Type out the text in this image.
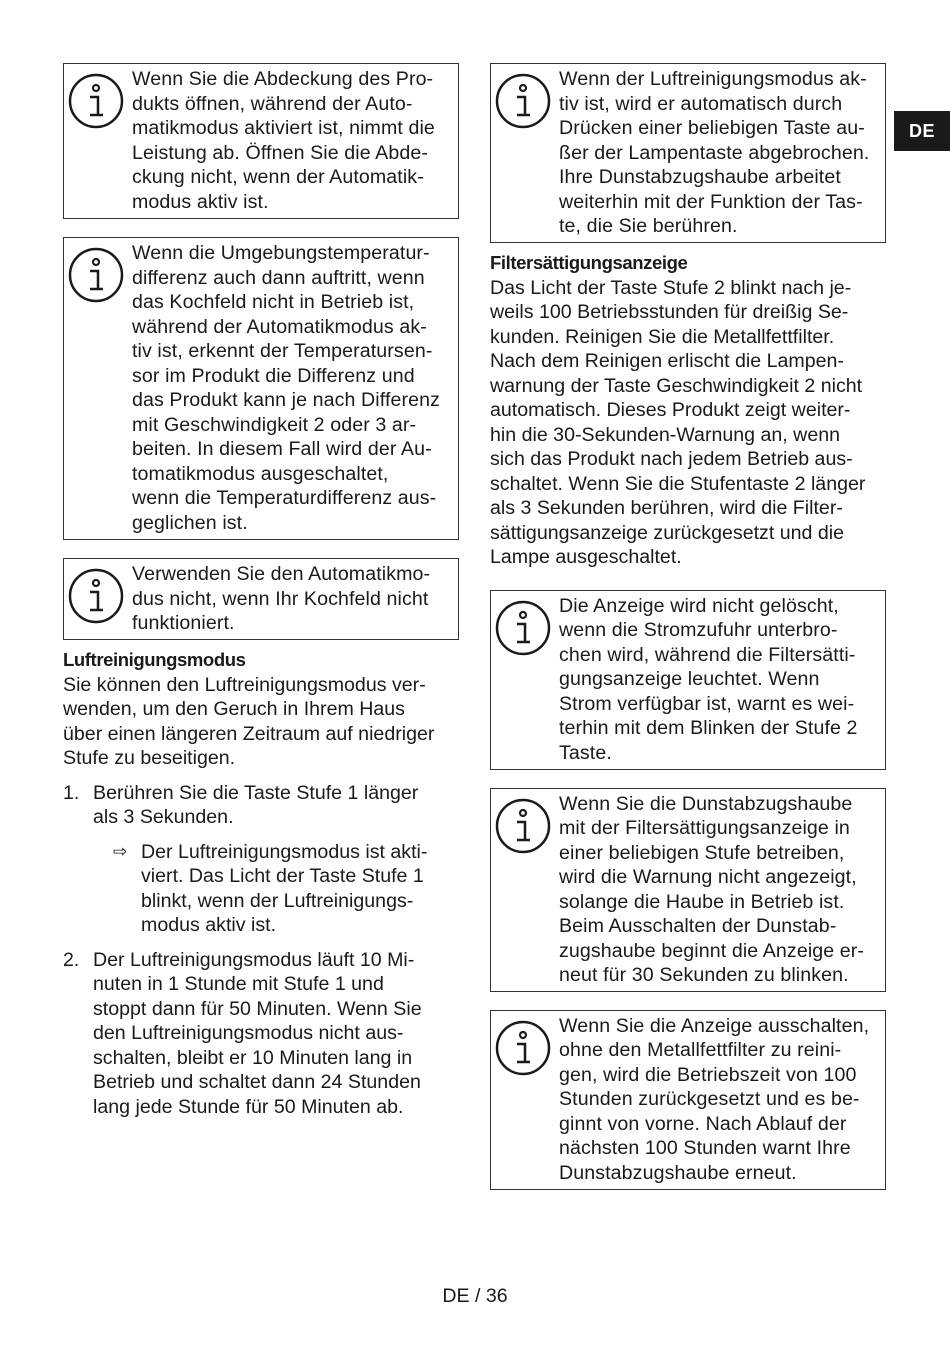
DE
Wenn Sie die Abdeckung des Pro-
dukts öffnen, während der Auto-
matikmodus aktiviert ist, nimmt die
Leistung ab. Öffnen Sie die Abde-
ckung nicht, wenn der Automatik-
modus aktiv ist.
Wenn die Umgebungstemperatur-
differenz auch dann auftritt, wenn
das Kochfeld nicht in Betrieb ist,
während der Automatikmodus ak-
tiv ist, erkennt der Temperatursen-
sor im Produkt die Differenz und
das Produkt kann je nach Differenz
mit Geschwindigkeit 2 oder 3 ar-
beiten. In diesem Fall wird der Au-
tomatikmodus ausgeschaltet,
wenn die Temperaturdifferenz aus-
geglichen ist.
Verwenden Sie den Automatikmo-
dus nicht, wenn Ihr Kochfeld nicht
funktioniert.
Luftreinigungsmodus
Sie können den Luftreinigungsmodus ver-
wenden, um den Geruch in Ihrem Haus
über einen längeren Zeitraum auf niedriger
Stufe zu beseitigen.
1. Berühren Sie die Taste Stufe 1 länger
als 3 Sekunden.
⇨ Der Luftreinigungsmodus ist akti-
viert. Das Licht der Taste Stufe 1
blinkt, wenn der Luftreinigungs-
modus aktiv ist.
2. Der Luftreinigungsmodus läuft 10 Mi-
nuten in 1 Stunde mit Stufe 1 und
stoppt dann für 50 Minuten. Wenn Sie
den Luftreinigungsmodus nicht aus-
schalten, bleibt er 10 Minuten lang in
Betrieb und schaltet dann 24 Stunden
lang jede Stunde für 50 Minuten ab.
Wenn der Luftreinigungsmodus ak-
tiv ist, wird er automatisch durch
Drücken einer beliebigen Taste au-
ßer der Lampentaste abgebrochen.
Ihre Dunstabzugshaube arbeitet
weiterhin mit der Funktion der Tas-
te, die Sie berühren.
Filtersättigungsanzeige
Das Licht der Taste Stufe 2 blinkt nach je-
weils 100 Betriebsstunden für dreißig Se-
kunden. Reinigen Sie die Metallfettfilter.
Nach dem Reinigen erlischt die Lampen-
warnung der Taste Geschwindigkeit 2 nicht
automatisch. Dieses Produkt zeigt weiter-
hin die 30-Sekunden-Warnung an, wenn
sich das Produkt nach jedem Betrieb aus-
schaltet. Wenn Sie die Stufentaste 2 länger
als 3 Sekunden berühren, wird die Filter-
sättigungsanzeige zurückgesetzt und die
Lampe ausgeschaltet.
Die Anzeige wird nicht gelöscht,
wenn die Stromzufuhr unterbro-
chen wird, während die Filtersätti-
gungsanzeige leuchtet. Wenn
Strom verfügbar ist, warnt es wei-
terhin mit dem Blinken der Stufe 2
Taste.
Wenn Sie die Dunstabzugshaube
mit der Filtersättigungsanzeige in
einer beliebigen Stufe betreiben,
wird die Warnung nicht angezeigt,
solange die Haube in Betrieb ist.
Beim Ausschalten der Dunstab-
zugshaube beginnt die Anzeige er-
neut für 30 Sekunden zu blinken.
Wenn Sie die Anzeige ausschalten,
ohne den Metallfettfilter zu reini-
gen, wird die Betriebszeit von 100
Stunden zurückgesetzt und es be-
ginnt von vorne. Nach Ablauf der
nächsten 100 Stunden warnt Ihre
Dunstabzugshaube erneut.
DE / 36
